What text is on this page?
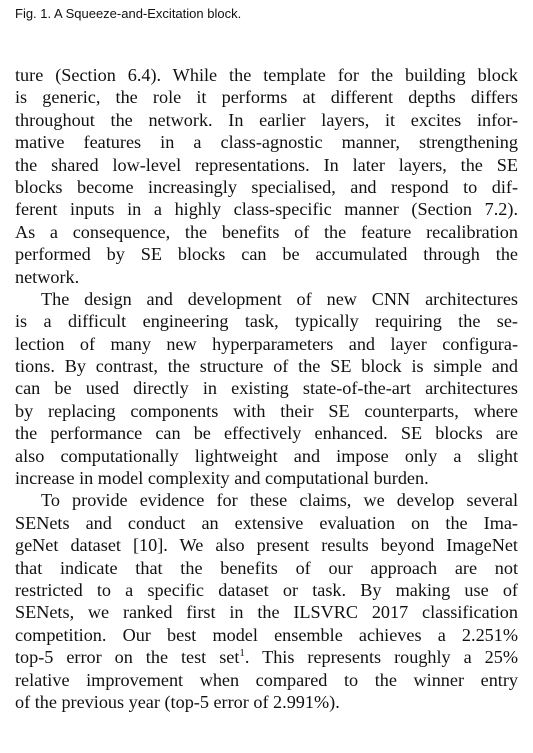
Fig. 1. A Squeeze-and-Excitation block.
ture (Section 6.4). While the template for the building block
is generic, the role it performs at different depths differs
throughout the network. In earlier layers, it excites infor-
mative features in a class-agnostic manner, strengthening
the shared low-level representations. In later layers, the SE
blocks become increasingly specialised, and respond to dif-
ferent inputs in a highly class-specific manner (Section 7.2).
As a consequence, the benefits of the feature recalibration
performed by SE blocks can be accumulated through the
network.
The design and development of new CNN architectures
is a difficult engineering task, typically requiring the se-
lection of many new hyperparameters and layer configura-
tions. By contrast, the structure of the SE block is simple and
can be used directly in existing state-of-the-art architectures
by replacing components with their SE counterparts, where
the performance can be effectively enhanced. SE blocks are
also computationally lightweight and impose only a slight
increase in model complexity and computational burden.
To provide evidence for these claims, we develop several
SENets and conduct an extensive evaluation on the Ima-
geNet dataset [10]. We also present results beyond ImageNet
that indicate that the benefits of our approach are not
restricted to a specific dataset or task. By making use of
SENets, we ranked first in the ILSVRC 2017 classification
competition. Our best model ensemble achieves a 2.251%
top-5 error on the test set$^1$. This represents roughly a 25%
relative improvement when compared to the winner entry
of the previous year (top-5 error of 2.991%).
